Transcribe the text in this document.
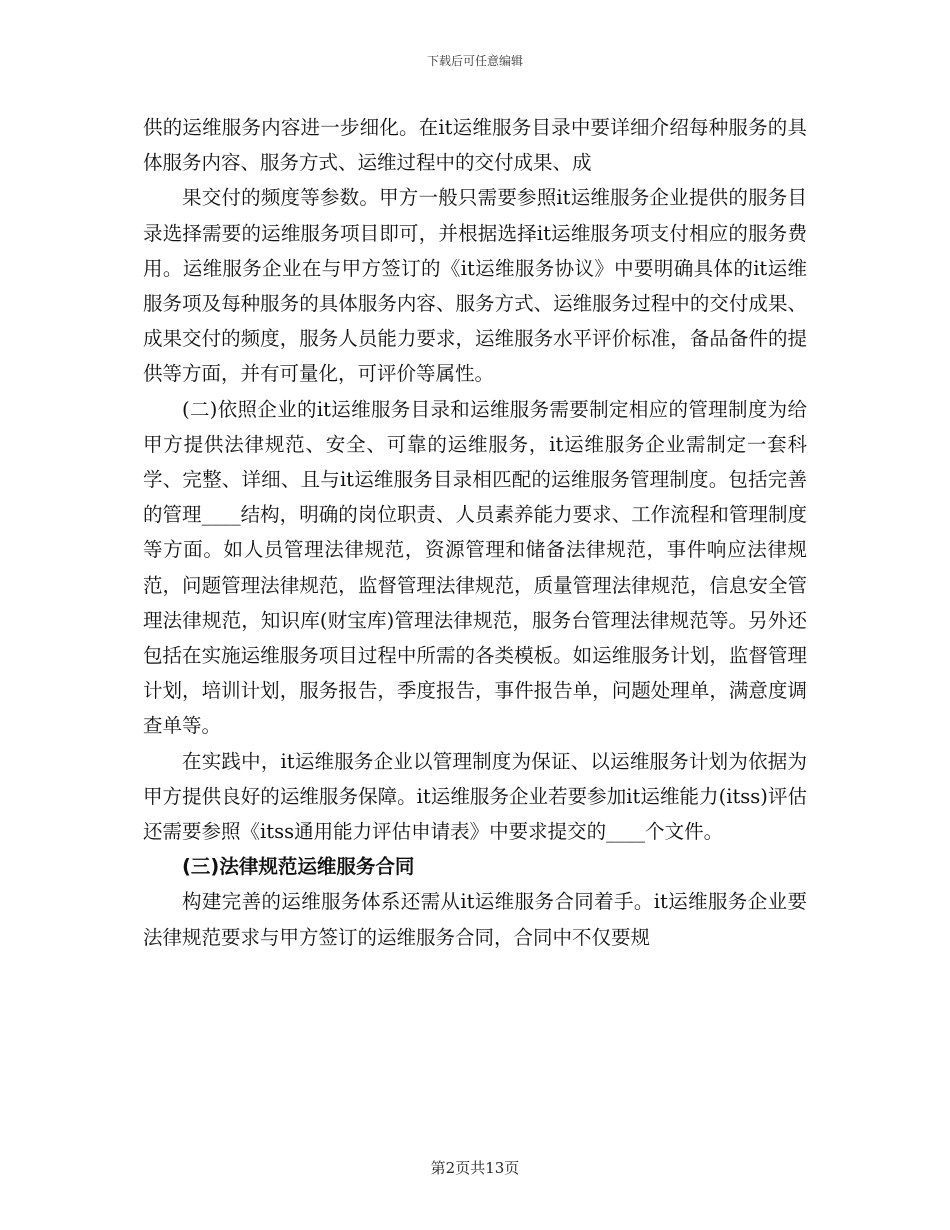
下载后可任意编辑

供的运维服务内容进一步细化。在it运维服务目录中要详细介绍每种服务的具体服务内容、服务方式、运维过程中的交付成果、成

果交付的频度等参数。甲方一般只需要参照it运维服务企业提供的服务目录选择需要的运维服务项目即可，并根据选择it运维服务项支付相应的服务费用。运维服务企业在与甲方签订的《it运维服务协议》中要明确具体的it运维服务项及每种服务的具体服务内容、服务方式、运维服务过程中的交付成果、成果交付的频度，服务人员能力要求，运维服务水平评价标准，备品备件的提供等方面，并有可量化，可评价等属性。

(二)依照企业的it运维服务目录和运维服务需要制定相应的管理制度为给甲方提供法律规范、安全、可靠的运维服务，it运维服务企业需制定一套科学、完整、详细、且与it运维服务目录相匹配的运维服务管理制度。包括完善的管理____结构，明确的岗位职责、人员素养能力要求、工作流程和管理制度等方面。如人员管理法律规范，资源管理和储备法律规范，事件响应法律规范，问题管理法律规范，监督管理法律规范，质量管理法律规范，信息安全管理法律规范，知识库(财宝库)管理法律规范，服务台管理法律规范等。另外还包括在实施运维服务项目过程中所需的各类模板。如运维服务计划，监督管理计划，培训计划，服务报告，季度报告，事件报告单，问题处理单，满意度调查单等。

在实践中，it运维服务企业以管理制度为保证、以运维服务计划为依据为甲方提供良好的运维服务保障。it运维服务企业若要参加it运维能力(itss)评估还需要参照《itss通用能力评估申请表》中要求提交的____个文件。

(三)法律规范运维服务合同

构建完善的运维服务体系还需从it运维服务合同着手。it运维服务企业要法律规范要求与甲方签订的运维服务合同，合同中不仅要规

第2页共13页
